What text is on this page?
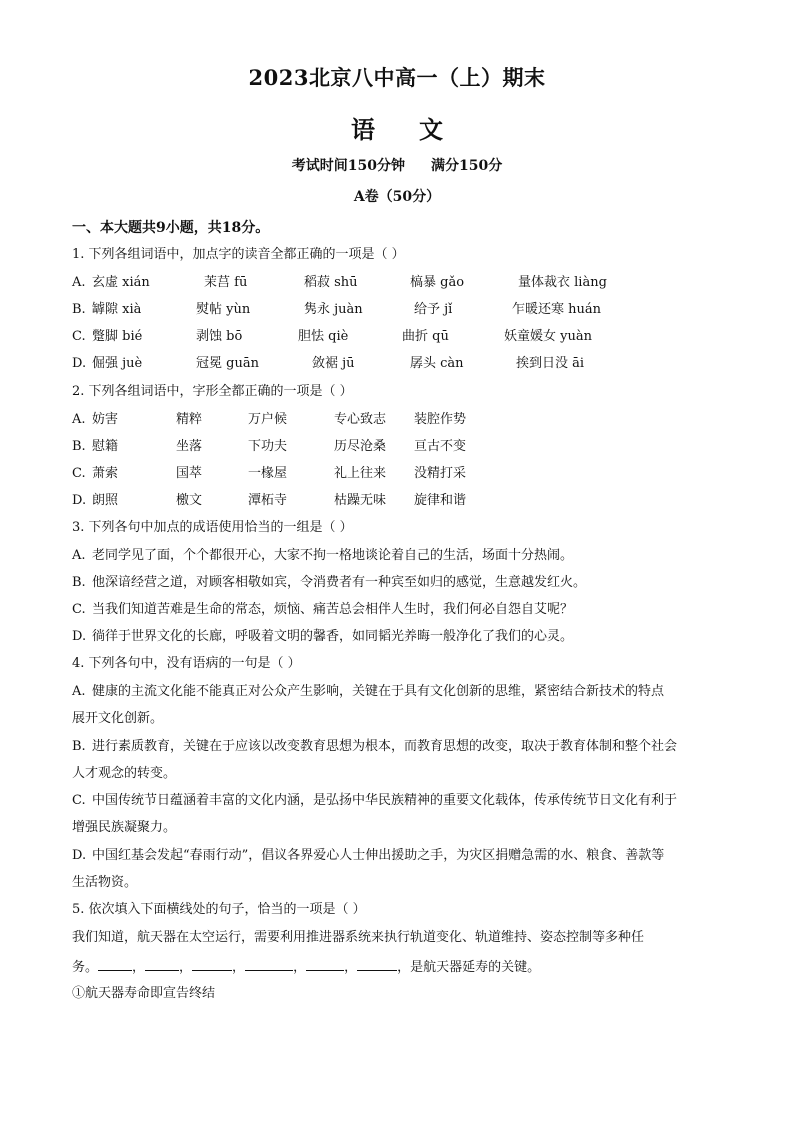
2023北京八中高一（上）期末
语文
考试时间150分钟 满分150分
A卷（50分）
一、本大题共9小题，共18分。
1. 下列各组词语中，加点字的读音全都正确的一项是（ ）
A. 玄虚 xián	茉莒 fū	稻菽 shū	槁暴 gǎo	量体裁衣 liàng
B. 罅隙 xià	熨帖 yùn	隽永 juàn	给予 jǐ	乍暖还寒 huán
C. 蹩脚 bié	剥蚀 bō	胆怯 qiè	曲折 qū	妖童媛女 yuàn
D. 倔强 juè	冠冕 guān	敛裾 jū	孱头 càn	挨到日没 āi
2. 下列各组词语中，字形全都正确的一项是（ ）
A. 妨害	精粹	万户候	专心致志 装腔作势
B. 慰籍	坐落	下功夫	历尽沧桑 亘古不变
C. 萧索	国萃	一椽屋	礼上往来 没精打采
D. 朗照	檄文	潭柘寺	枯躁无味 旋律和谐
3. 下列各句中加点的成语使用恰当的一组是（ ）
A. 老同学见了面，个个都很开心，大家不拘一格地谈论着自己的生活，场面十分热闹。
B. 他深谙经营之道，对顾客相敬如宾，令消费者有一种宾至如归的感觉，生意越发红火。
C. 当我们知道苦难是生命的常态，烦恼、痛苦总会相伴人生时，我们何必自怨自艾呢？
D. 徜徉于世界文化的长廊，呼吸着文明的馨香，如同韬光养晦一般净化了我们的心灵。
4. 下列各句中，没有语病的一句是（ ）
A. 健康的主流文化能不能真正对公众产生影响，关键在于具有文化创新的思维，紧密结合新技术的特点
展开文化创新。
B. 进行素质教育，关键在于应该以改变教育思想为根本，而教育思想的改变，取决于教育体制和整个社会
人才观念的转变。
C. 中国传统节日蕴涵着丰富的文化内涵，是弘扬中华民族精神的重要文化载体，传承传统节日文化有利于
增强民族凝聚力。
D. 中国红基会发起“春雨行动”，倡议各界爱心人士伸出援助之手，为灾区捐赠急需的水、粮食、善款等
生活物资。
5. 依次填入下面横线处的句子，恰当的一项是（ ）
我们知道，航天器在太空运行，需要利用推进器系统来执行轨道变化、轨道维持、姿态控制等多种任
务。	，	，	，	，	，	，是航天器延寿的关键。
①航天器寿命即宣告终结
